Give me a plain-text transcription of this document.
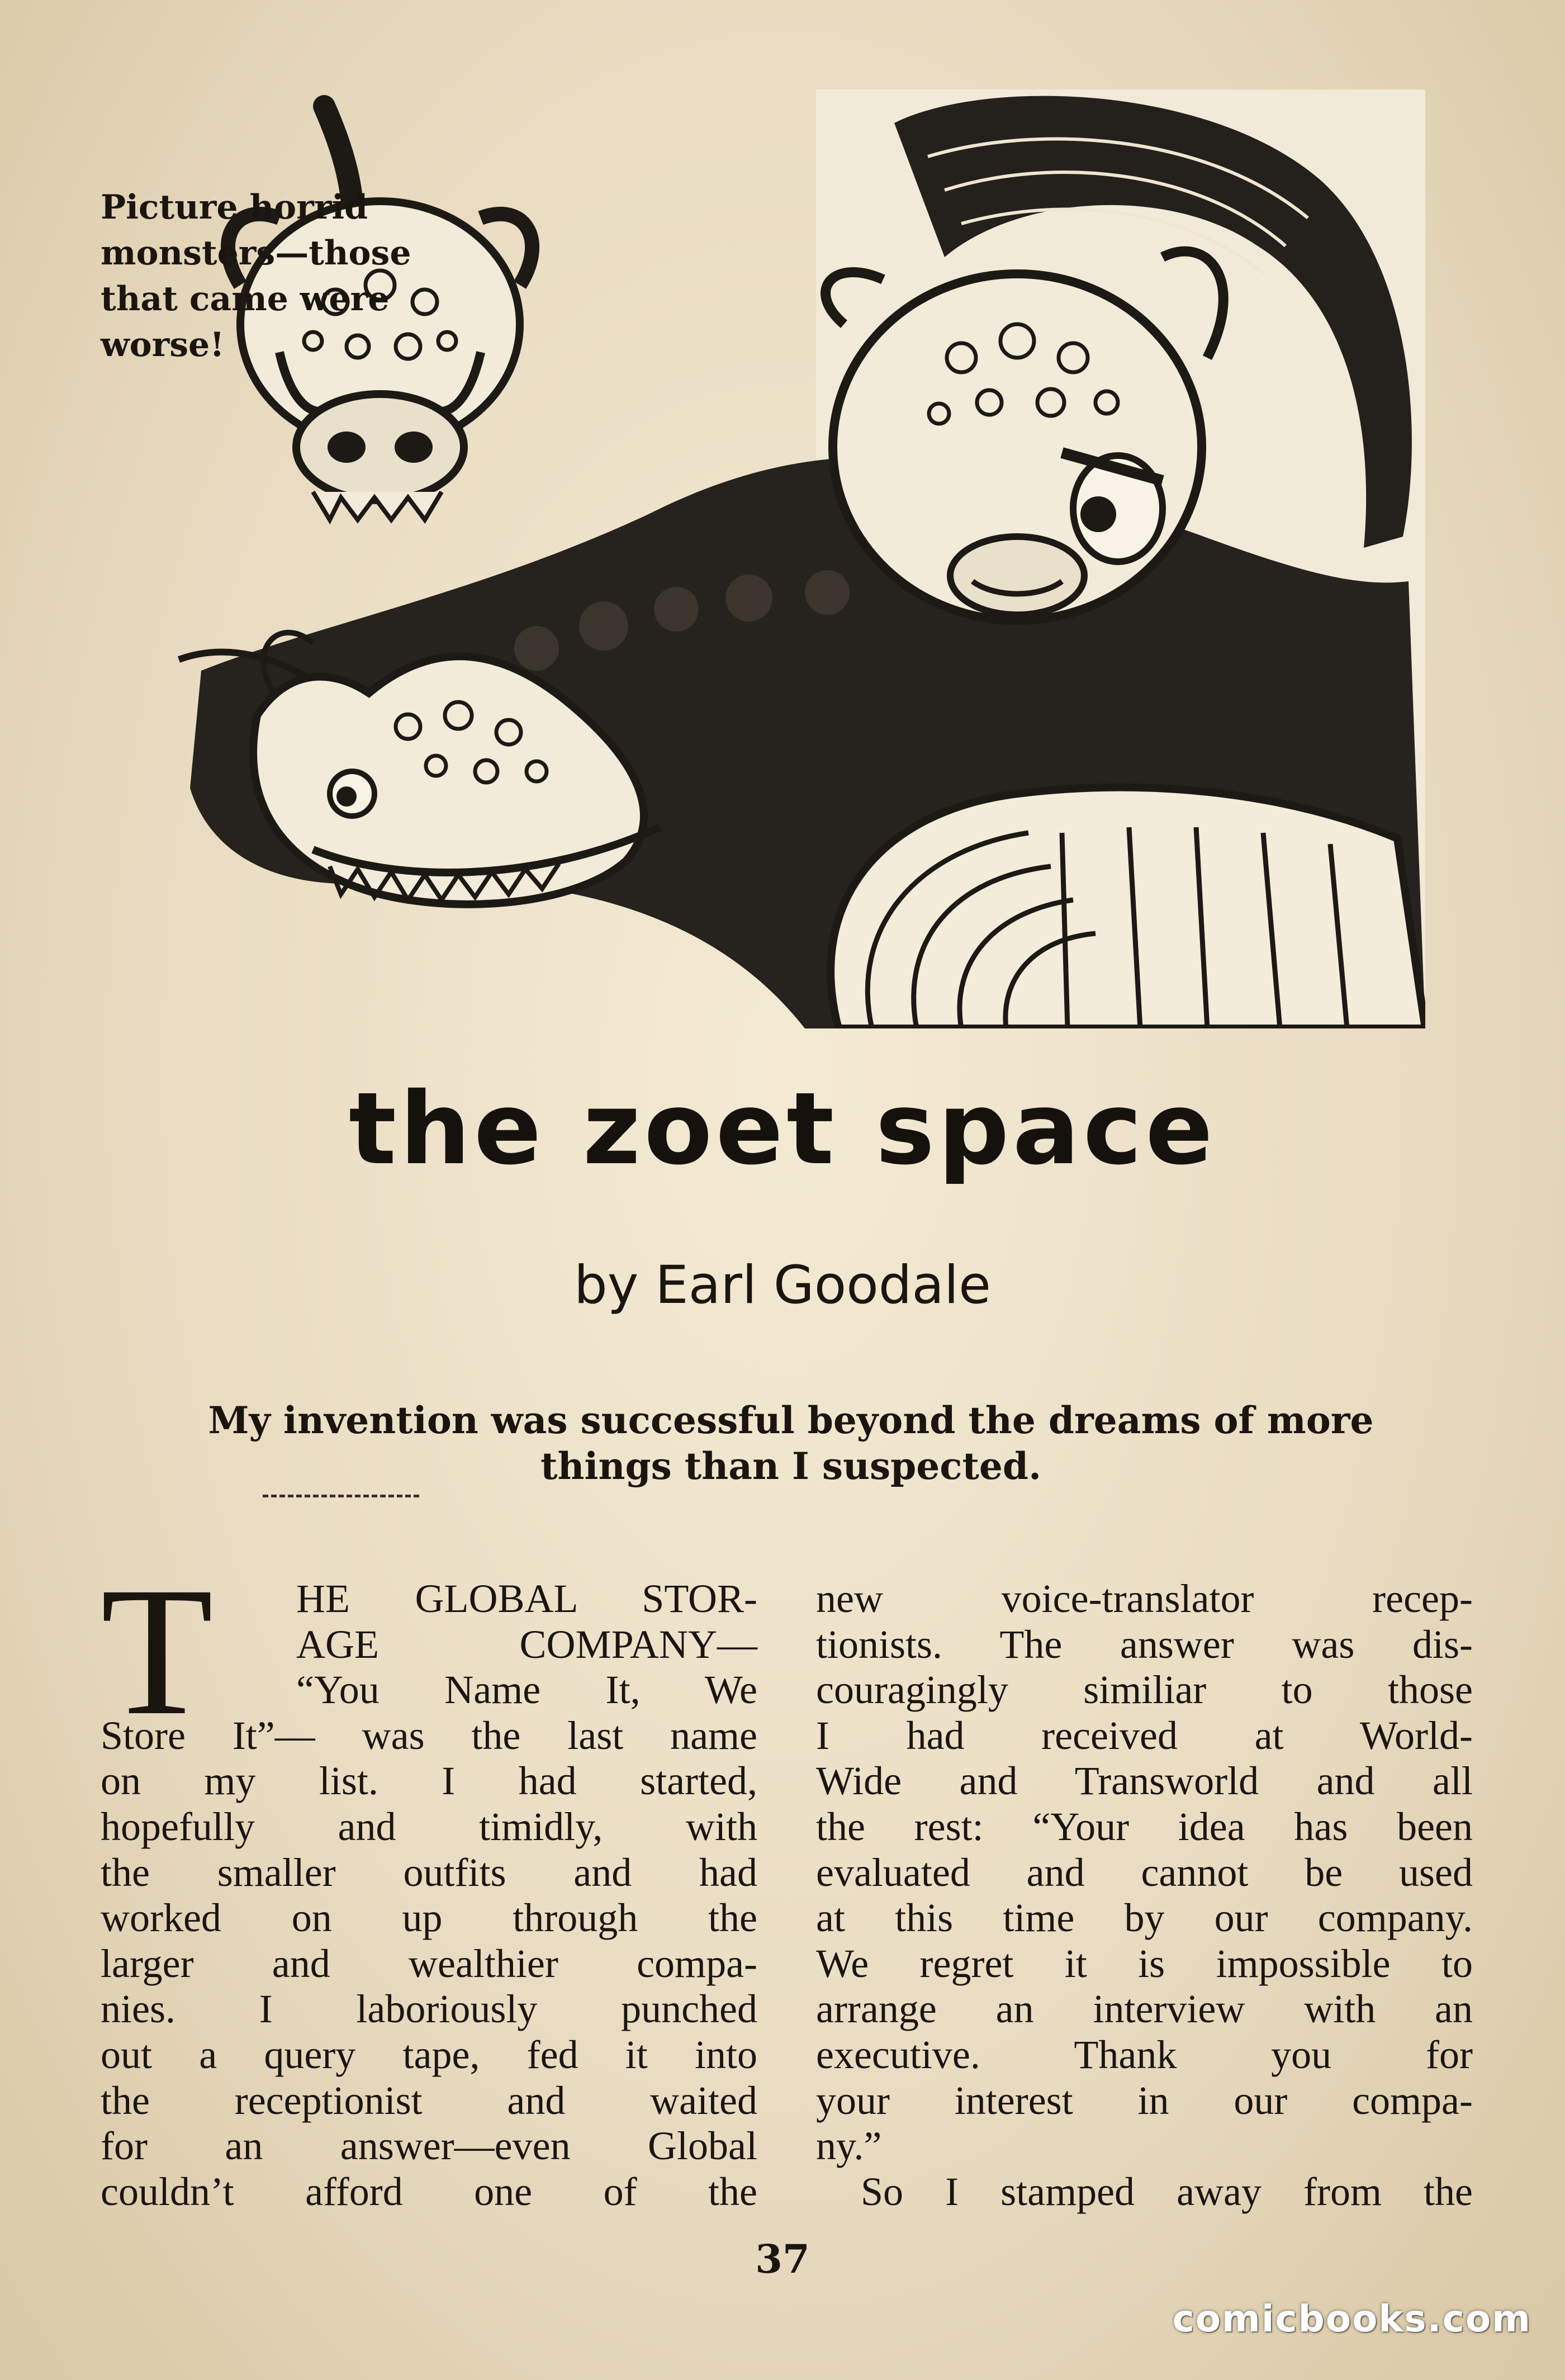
Picture horrid
monsters—those
that came were
worse!
the zoet space
by Earl Goodale
My invention was successful beyond the dreams of more things than I suspected.
T	HE GLOBAL STOR-
AGE COMPANY—
“You Name It, We
Store It”— was the last name
on my list. I had started,
hopefully and timidly, with
the smaller outfits and had
worked on up through the
larger and wealthier compa-
nies. I laboriously punched
out a query tape, fed it into
the receptionist and waited
for an answer—even Global
couldn’t afford one of the
new voice-translator recep-
tionists. The answer was dis-
couragingly similiar to those
I had received at World-
Wide and Transworld and all
the rest: “Your idea has been
evaluated and cannot be used
at this time by our company.
We regret it is impossible to
arrange an interview with an
executive. Thank you for
your interest in our compa-
ny.”
So I stamped away from the
37
comicbooks.com
